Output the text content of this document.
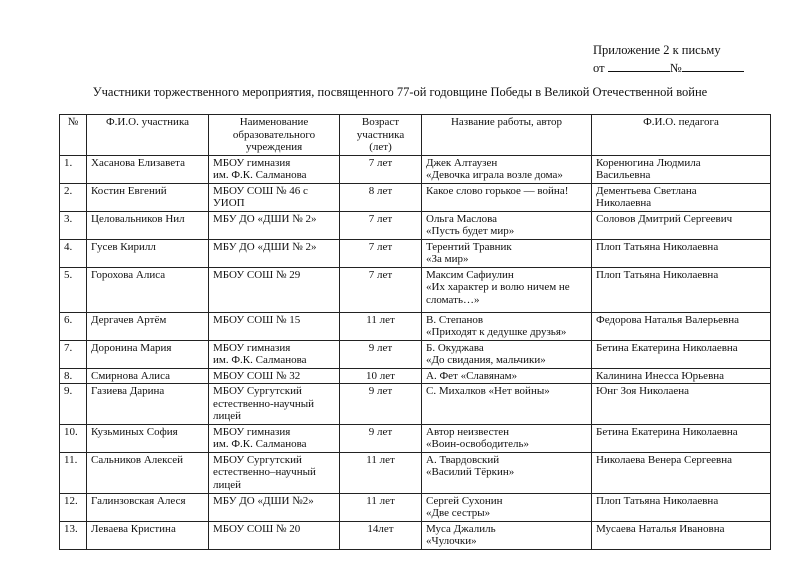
Приложение 2 к письму
от	№
Участники торжественного мероприятия, посвященного 77-ой годовщине Победы в Великой Отечественной войне
№	Ф.И.О. участника	Наименование
образовательного
учреждения	Возраст
участника
(лет)	Название работы, автор	Ф.И.О. педагога
1.	Хасанова Елизавета	МБОУ гимназия
им. Ф.К. Салманова	7 лет	Джек Алтаузен
«Девочка играла возле дома»	Коренюгина Людмила
Васильевна
2.	Костин Евгений	МБОУ СОШ № 46 с УИОП	8 лет	Какое слово горькое — война!	Дементьева Светлана
Николаевна
3.	Целовальников Нил	МБУ ДО «ДШИ № 2»	7 лет	Ольга Маслова
«Пусть будет мир»	Соловов Дмитрий Сергеевич
4.	Гусев Кирилл	МБУ ДО «ДШИ № 2»	7 лет	Терентий Травник
«За мир»	Плоп Татьяна Николаевна
5.	Горохова Алиса	МБОУ СОШ № 29	7 лет	Максим Сафиулин
«Их характер и волю ничем не
сломать…»	Плоп Татьяна Николаевна
6.	Дергачев Артём	МБОУ СОШ № 15	11 лет	В. Степанов
«Приходят к дедушке друзья»	Федорова Наталья Валерьевна
7.	Доронина Мария	МБОУ гимназия
им. Ф.К. Салманова	9 лет	Б. Окуджава
«До свидания, мальчики»	Бетина Екатерина Николаевна
8.	Смирнова Алиса	МБОУ СОШ № 32	10 лет	А. Фет «Славянам»	Калинина Инесса Юрьевна
9.	Газиева Дарина	МБОУ Сургутский
естественно-научный лицей	9 лет	С. Михалков «Нет войны»	Юнг Зоя Николаена
10.	Кузьминых София	МБОУ гимназия
им. Ф.К. Салманова	9 лет	Автор неизвестен
«Воин-освободитель»	Бетина Екатерина Николаевна
11.	Сальников Алексей	МБОУ Сургутский
естественно–научный
лицей	11 лет	А. Твардовский
«Василий Тёркин»	Николаева Венера Сергеевна
12.	Галинзовская Алеся	МБУ ДО «ДШИ №2»	11 лет	Сергей Сухонин
«Две сестры»	Плоп Татьяна Николаевна
13.	Леваева Кристина	МБОУ СОШ № 20	14лет	Муса Джалиль
«Чулочки»	Мусаева Наталья Ивановна
